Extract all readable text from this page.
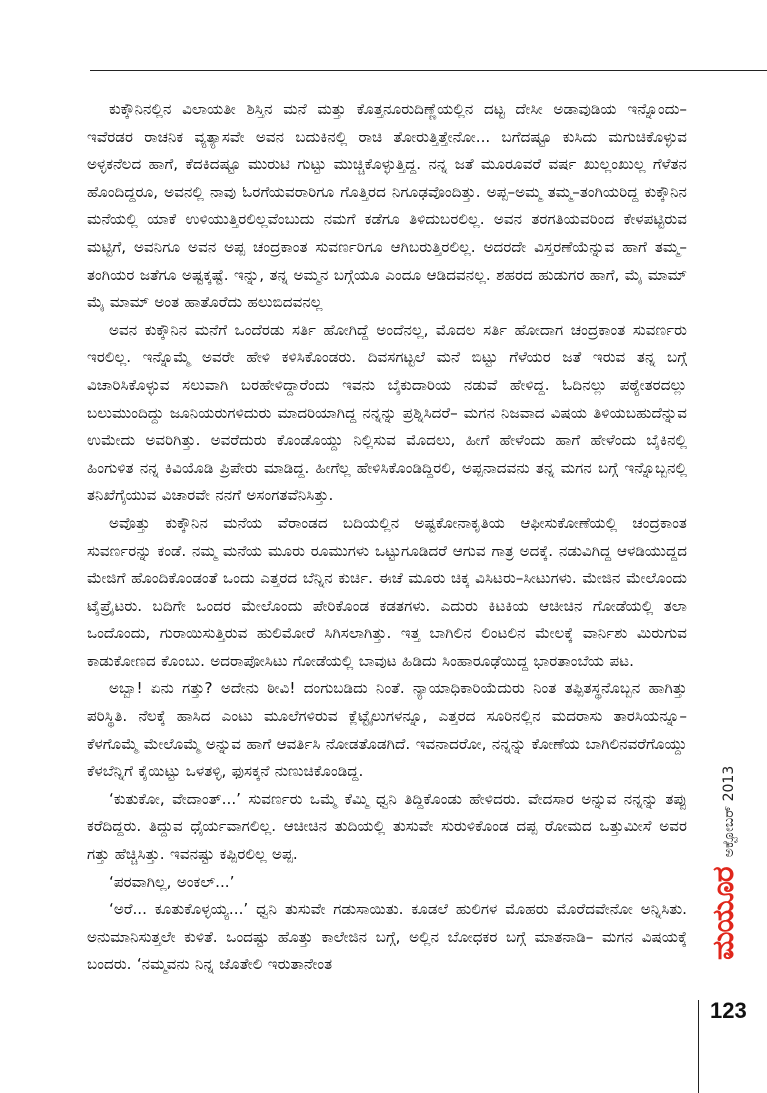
ಕುಕ್ಕೌನಿನಲ್ಲಿನ ವಿಲಾಯತೀ ಶಿಸ್ತಿನ ಮನೆ ಮತ್ತು ಕೊತ್ತನೂರುದಿಣ್ಣೆಯಲ್ಲಿನ ದಟ್ಟ ದೇಸೀ ಅಡಾವುಡಿಯ ಇನ್ನೊಂದು– ಇವೆರಡರ ರಾಚನಿಕ ವ್ಯತ್ಯಾಸವೇ ಅವನ ಬದುಕಿನಲ್ಲಿ ರಾಚಿ ತೋರುತ್ತಿತ್ತೇನೋ... ಬಗೆದಷ್ಟೂ ಕುಸಿದು ಮಗುಚಿಕೊಳ್ಳುವ ಅಳ್ಳಕನೆಲದ ಹಾಗೆ, ಕೆದಕಿದಷ್ಟೂ ಮುರುಟಿ ಗುಟ್ಟು ಮುಚ್ಚಿಕೊಳ್ಳುತ್ತಿದ್ದ. ನನ್ನ ಜತೆ ಮೂರೂವರೆ ವರ್ಷ ಖುಲ್ಲಂಖುಲ್ಲ ಗೆಳೆತನ ಹೊಂದಿದ್ದರೂ, ಅವನಲ್ಲಿ ನಾವು ಓರಗೆಯವರಾರಿಗೂ ಗೊತ್ತಿರದ ನಿಗೂಢವೊಂದಿತ್ತು. ಅಪ್ಪ–ಅಮ್ಮ ತಮ್ಮ–ತಂಗಿಯರಿದ್ದ ಕುಕ್ಕೌನಿನ ಮನೆಯಲ್ಲಿ ಯಾಕೆ ಉಳಿಯುತ್ತಿರಲಿಲ್ಲವೆಂಬುದು ನಮಗೆ ಕಡೆಗೂ ತಿಳಿದುಬರಲಿಲ್ಲ. ಅವನ ತರಗತಿಯವರಿಂದ ಕೇಳಪಟ್ಟಿರುವ ಮಟ್ಟಿಗೆ, ಅವನಿಗೂ ಅವನ ಅಪ್ಪ ಚಂದ್ರಕಾಂತ ಸುವರ್ಣರಿಗೂ ಆಗಿಬರುತ್ತಿರಲಿಲ್ಲ. ಅದರದೇ ವಿಸ್ತರಣೆಯೆನ್ನುವ ಹಾಗೆ ತಮ್ಮ–ತಂಗಿಯರ ಜತೆಗೂ ಅಷ್ಟಕ್ಕಷ್ಟೆ. ಇನ್ನು, ತನ್ನ ಅಮ್ಮನ ಬಗ್ಗೆಯೂ ಎಂದೂ ಆಡಿದವನಲ್ಲ. ಶಹರದ ಹುಡುಗರ ಹಾಗೆ, ಮೈ ಮಾಮ್ ಮೈ ಮಾಮ್ ಅಂತ ಹಾತೊರೆದು ಹಲುಬಿದವನಲ್ಲ

ಅವನ ಕುಕ್ಕೌನಿನ ಮನೆಗೆ ಒಂದೆರಡು ಸರ್ತಿ ಹೋಗಿದ್ದೆ ಅಂದೆನಲ್ಲ, ಮೊದಲ ಸರ್ತಿ ಹೋದಾಗ ಚಂದ್ರಕಾಂತ ಸುವರ್ಣರು ಇರಲಿಲ್ಲ. ಇನ್ನೊಮ್ಮೆ ಅವರೇ ಹೇಳಿ ಕಳಿಸಿಕೊಂಡರು. ದಿವಸಗಟ್ಟಲೆ ಮನೆ ಬಿಟ್ಟು ಗೆಳೆಯರ ಜತೆ ಇರುವ ತನ್ನ ಬಗ್ಗೆ ವಿಚಾರಿಸಿಕೊಳ್ಳುವ ಸಲುವಾಗಿ ಬರಹೇಳಿದ್ದಾರೆಂದು ಇವನು ಬೈಕುದಾರಿಯ ನಡುವೆ ಹೇಳಿದ್ದ. ಓದಿನಲ್ಲು ಪಠ್ಯೇತರದಲ್ಲು ಬಲುಮುಂದಿದ್ದು ಜೂನಿಯರುಗಳಿದುರು ಮಾದರಿಯಾಗಿದ್ದ ನನ್ನನ್ನು ಪ್ರಶ್ನಿಸಿದರೆ– ಮಗನ ನಿಜವಾದ ವಿಷಯ ತಿಳಿಯಬಹುದೆನ್ನುವ ಉಮೇದು ಅವರಿಗಿತ್ತು. ಅವರೆದುರು ಕೊಂಡೊಯ್ದು ನಿಲ್ಲಿಸುವ ಮೊದಲು, ಹೀಗೆ ಹೇಳೆಂದು ಹಾಗೆ ಹೇಳೆಂದು ಬೈಕಿನಲ್ಲಿ ಹಿಂಗುಳಿತ ನನ್ನ ಕಿವಿಯೊಡಿ ಪ್ರಿಪೇರು ಮಾಡಿದ್ದ. ಹೀಗೆಲ್ಲ ಹೇಳಿಸಿಕೊಂಡಿದ್ದಿರಲಿ, ಅಪ್ಪನಾದವನು ತನ್ನ ಮಗನ ಬಗ್ಗೆ ಇನ್ನೊಬ್ಬನಲ್ಲಿ ತನಿಖೆಗೈಯುವ ವಿಚಾರವೇ ನನಗೆ ಅಸಂಗತವೆನಿಸಿತ್ತು.

ಅವೊತ್ತು ಕುಕ್ಕೌನಿನ ಮನೆಯ ವೆರಾಂಡದ ಬದಿಯಲ್ಲಿನ ಅಷ್ಟಕೋನಾಕೃತಿಯ ಆಫೀಸುಕೋಣೆಯಲ್ಲಿ ಚಂದ್ರಕಾಂತ ಸುವರ್ಣರನ್ನು ಕಂಡೆ. ನಮ್ಮ ಮನೆಯ ಮೂರು ರೂಮುಗಳು ಒಟ್ಟುಗೂಡಿದರೆ ಆಗುವ ಗಾತ್ರ ಅದಕ್ಕೆ. ನಡುವಿಗಿದ್ದ ಆಳಡಿಯುದ್ದದ ಮೇಜಿಗೆ ಹೊಂದಿಕೊಂಡಂತೆ ಒಂದು ಎತ್ತರದ ಬೆನ್ನಿನ ಕುರ್ಚಿ. ಈಚೆ ಮೂರು ಚಿಕ್ಕ ವಿಸಿಟರು–ಸೀಟುಗಳು. ಮೇಜಿನ ಮೇಲೊಂದು ಟೈಪ್ರೈಟರು. ಬದಿಗೇ ಒಂದರ ಮೇಲೊಂದು ಪೇರಿಕೊಂಡ ಕಡತಗಳು. ಎದುರು ಕಿಟಕಿಯ ಆಚೀಚಿನ ಗೋಡೆಯಲ್ಲಿ ತಲಾ ಒಂದೊಂದು, ಗುರಾಯಿಸುತ್ತಿರುವ ಹುಲಿಮೋರೆ ಸಿಗಿಸಲಾಗಿತ್ತು. ಇತ್ತ ಬಾಗಿಲಿನ ಲಿಂಟಲಿನ ಮೇಲಕ್ಕೆ ವಾರ್ನಿಶು ಮಿರುಗುವ ಕಾಡುಕೋಣದ ಕೊಂಬು. ಅದರಾಪೋಸಿಟು ಗೋಡೆಯಲ್ಲಿ ಬಾವುಟ ಹಿಡಿದು ಸಿಂಹಾರೂಢೆಯಿದ್ದ ಭಾರತಾಂಬೆಯ ಪಟ.

ಅಬ್ಬಾ! ಏನು ಗತ್ತು? ಅದೇನು ಠೀವಿ! ದಂಗುಬಡಿದು ನಿಂತೆ. ನ್ಯಾಯಾಧಿಕಾರಿಯೆದುರು ನಿಂತ ತಪ್ಪಿತಸ್ಥನೊಬ್ಬನ ಹಾಗಿತ್ತು ಪರಿಸ್ಥಿತಿ. ನೆಲಕ್ಕೆ ಹಾಸಿದ ಎಂಟು ಮೂಲೆಗಳಿರುವ ಕ್ಲೆಟ್ಟೈಲುಗಳನ್ನೂ, ಎತ್ತರದ ಸೂರಿನಲ್ಲಿನ ಮದರಾಸು ತಾರಸಿಯನ್ನೂ– ಕೆಳಗೊಮ್ಮೆ ಮೇಲೊಮ್ಮೆ ಅನ್ನುವ ಹಾಗೆ ಆವರ್ತಿಸಿ ನೋಡತೊಡಗಿದೆ. ಇವನಾದರೋ, ನನ್ನನ್ನು ಕೋಣೆಯ ಬಾಗಿಲಿನವರೆಗೊಯ್ದು ಕೆಳಬೆನ್ನಿಗೆ ಕೈಯಿಟ್ಟು ಒಳತಳ್ಳಿ, ಫುಸಕ್ಕನೆ ನುಣುಚಿಕೊಂಡಿದ್ದ.

‘ಕುತುಕೋ, ವೇದಾಂತ್...’ ಸುವರ್ಣರು ಒಮ್ಮೆ ಕೆಮ್ಮಿ ಧ್ವನಿ ತಿದ್ದಿಕೊಂಡು ಹೇಳಿದರು. ವೇದಸಾರ ಅನ್ನುವ ನನ್ನನ್ನು ತಪ್ಪು ಕರೆದಿದ್ದರು. ತಿದ್ದುವ ಧೈರ್ಯವಾಗಲಿಲ್ಲ. ಆಚೀಚಿನ ತುದಿಯಲ್ಲಿ ತುಸುವೇ ಸುರುಳಿಕೊಂಡ ದಪ್ಪ ರೋಮದ ಒತ್ತುಮೀಸೆ ಅವರ ಗತ್ತು ಹೆಚ್ಚಿಸಿತ್ತು. ಇವನಷ್ಟು ಕಪ್ಪಿರಲಿಲ್ಲ ಅಪ್ಪ.

‘ಪರವಾಗಿಲ್ಲ, ಅಂಕಲ್...’

‘ಅರೆ... ಕೂತುಕೊಳ್ಳಯ್ಯ...’ ಧ್ವನಿ ತುಸುವೇ ಗಡುಸಾಯಿತು. ಕೂಡಲೆ ಹುಲಿಗಳ ಮೊಹರು ಮೊರೆದವೇನೋ ಅನ್ನಿಸಿತು. ಅನುಮಾನಿಸುತ್ತಲೇ ಕುಳಿತೆ. ಒಂದಷ್ಟು ಹೊತ್ತು ಕಾಲೇಜಿನ ಬಗ್ಗೆ, ಅಲ್ಲಿನ ಬೋಧಕರ ಬಗ್ಗೆ ಮಾತನಾಡಿ– ಮಗನ ವಿಷಯಕ್ಕೆ ಬಂದರು. ‘ನಮ್ಮವನು ನಿನ್ನ ಜೊತೇಲಿ ಇರುತಾನೇಂತ

ಮಯೂರ
ಅಕ್ಟೋಬರ್ 2013
123
